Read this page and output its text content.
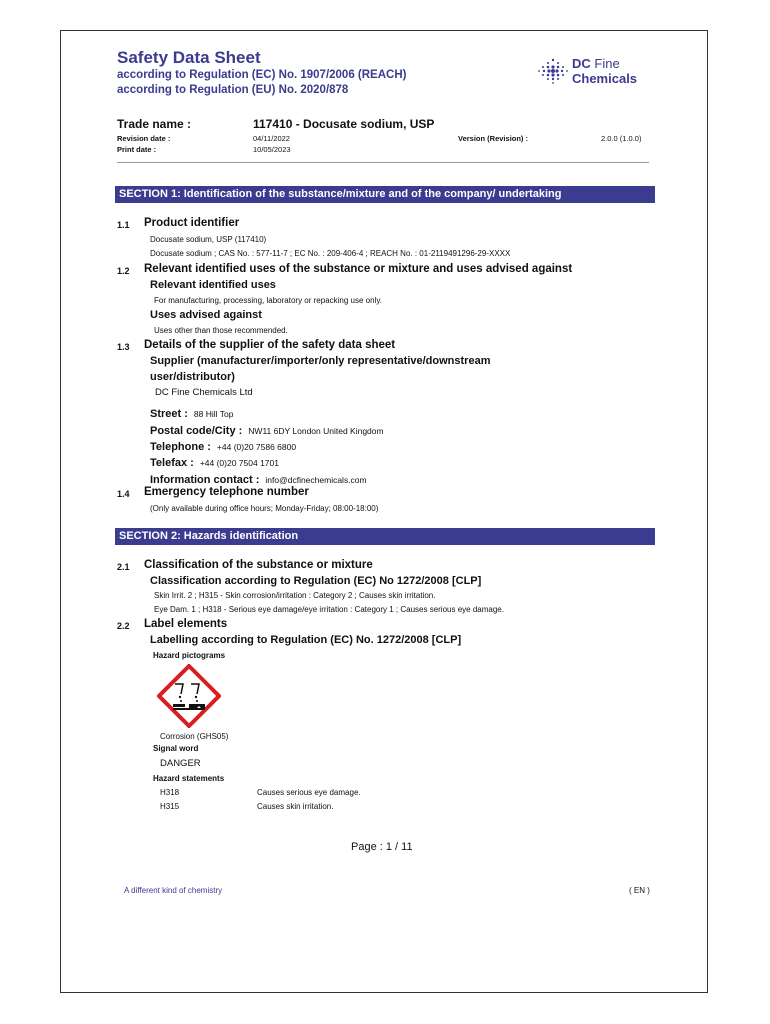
Safety Data Sheet
according to Regulation (EC) No. 1907/2006 (REACH)
according to Regulation (EU) No. 2020/878
DC Fine
Chemicals
Trade name :	117410 - Docusate sodium, USP
Revision date :	04/11/2022
Print date :	10/05/2023
Version (Revision) :	2.0.0 (1.0.0)
SECTION 1: Identification of the substance/mixture and of the company/ undertaking
1.1 Product identifier
Docusate sodium, USP (117410)
Docusate sodium ; CAS No. : 577-11-7 ; EC No. : 209-406-4 ; REACH No. : 01-2119491296-29-XXXX
1.2 Relevant identified uses of the substance or mixture and uses advised against
Relevant identified uses
For manufacturing, processing, laboratory or repacking use only.
Uses advised against
Uses other than those recommended.
1.3 Details of the supplier of the safety data sheet
Supplier (manufacturer/importer/only representative/downstream
user/distributor)
DC Fine Chemicals Ltd
Street : 88 Hill Top
Postal code/City : NW11 6DY London United Kingdom
Telephone : +44 (0)20 7586 6800
Telefax : +44 (0)20 7504 1701
Information contact : info@dcfinechemicals.com
1.4 Emergency telephone number
(Only available during office hours; Monday-Friday; 08:00-18:00)
SECTION 2: Hazards identification
2.1 Classification of the substance or mixture
Classification according to Regulation (EC) No 1272/2008 [CLP]
Skin Irrit. 2 ; H315 - Skin corrosion/irritation : Category 2 ; Causes skin irritation.
Eye Dam. 1 ; H318 - Serious eye damage/eye irritation : Category 1 ; Causes serious eye damage.
2.2 Label elements
Labelling according to Regulation (EC) No. 1272/2008 [CLP]
Hazard pictograms
Corrosion (GHS05)
Signal word
DANGER
Hazard statements
H318	Causes serious eye damage.
H315	Causes skin irritation.
Page : 1 / 11
A different kind of chemistry	( EN )
